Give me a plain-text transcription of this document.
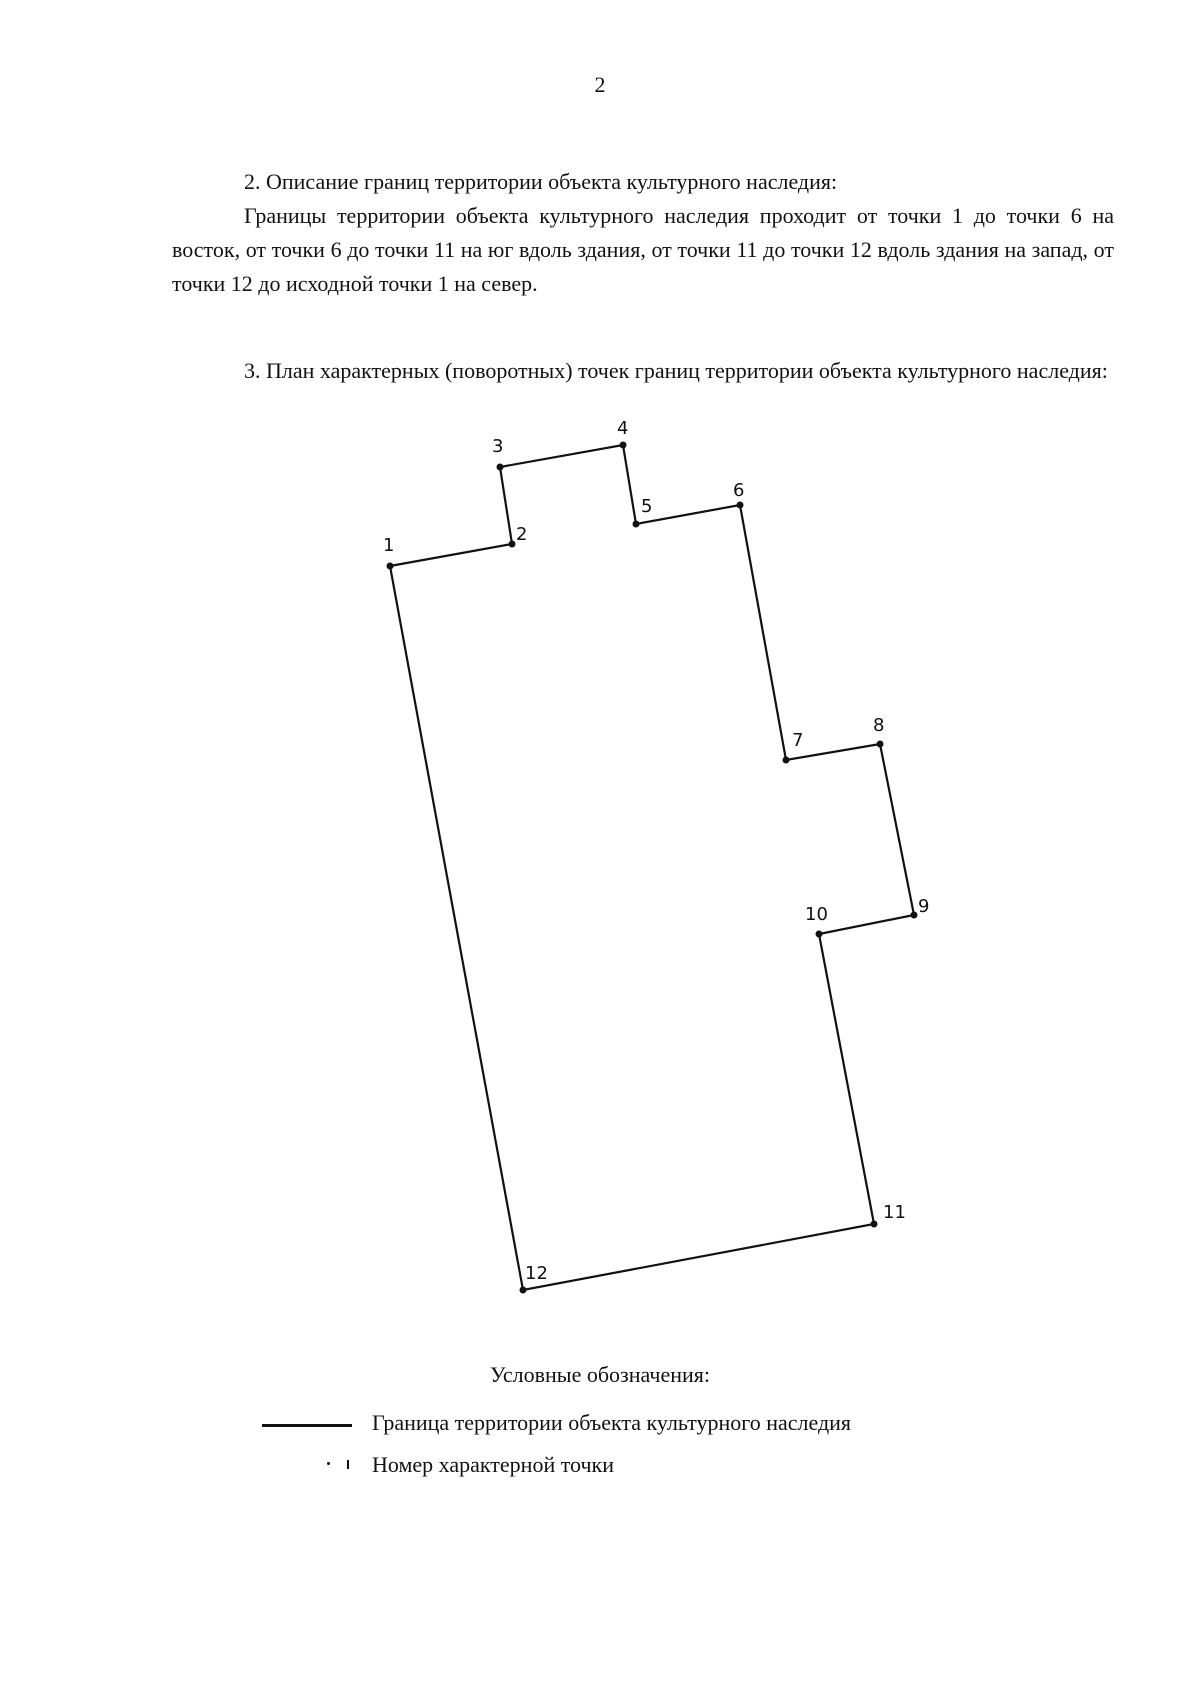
2

2. Описание границ территории объекта культурного наследия:

Границы территории объекта культурного наследия проходит от точки 1 до точки 6 на восток, от точки 6 до точки 11 на юг вдоль здания, от точки 11 до точки 12 вдоль здания на запад, от точки 12 до исходной точки 1 на север.

3. План характерных (поворотных) точек границ территории объекта культурного наследия:

1
2
3
4
5
6
7
8
9
10
11
12
Условные обозначения:
Граница территории объекта культурного наследия
Номер характерной точки
